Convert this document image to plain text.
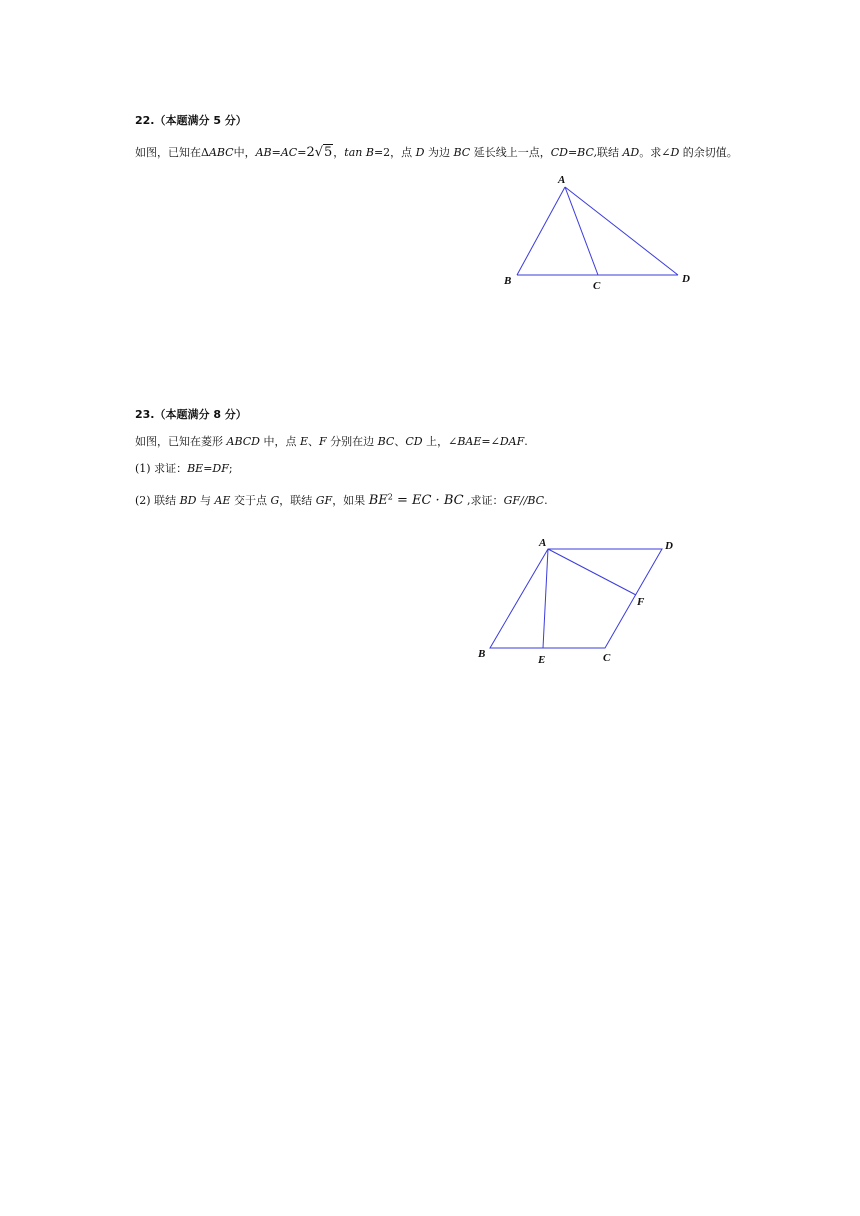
22.（本题满分 5 分）
如图，已知在ΔABC中，AB=AC=2√5，tan B=2，点 D 为边 BC 延长线上一点，CD=BC,联结 AD。求∠D 的余切值。
A
B	C
D
23.（本题满分 8 分）
如图，已知在菱形 ABCD 中，点 E、F 分别在边 BC、CD 上，∠BAE=∠DAF.
(1) 求证：BE=DF;
(2) 联结 BD 与 AE 交于点 G，联结 GF，如果 $BE^2$ = EC · BC ,求证：GF//BC.
A	D
F
B	E	C
